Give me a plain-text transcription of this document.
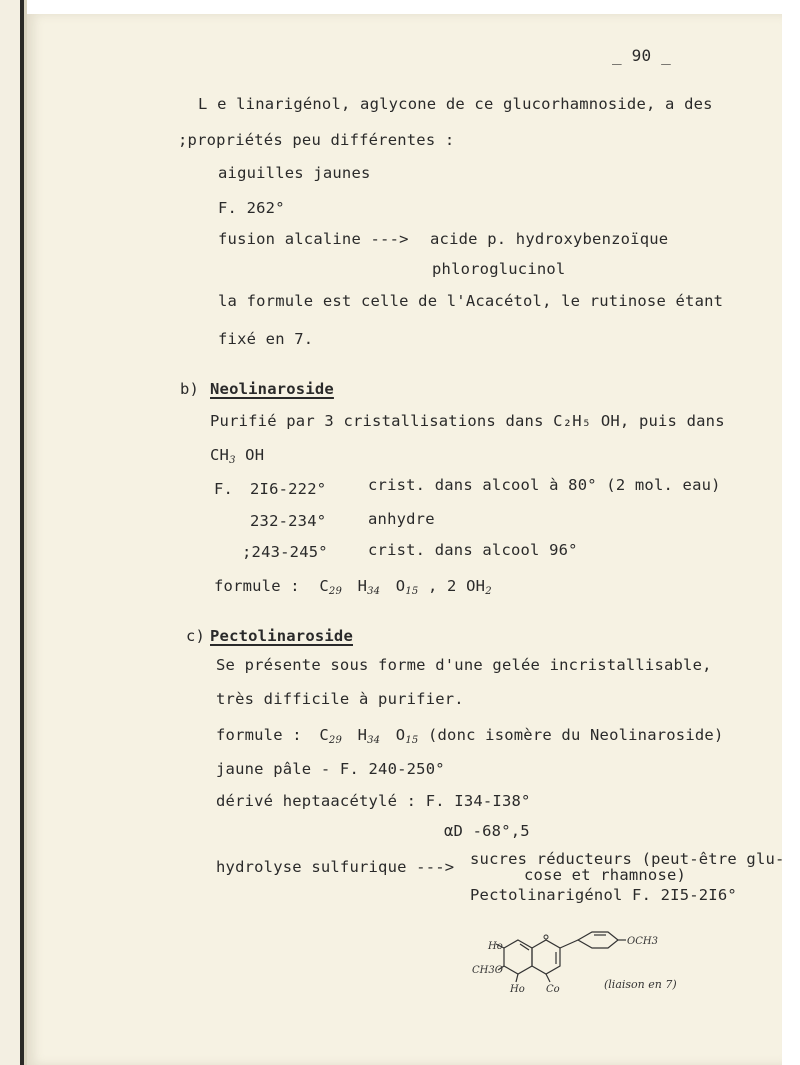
_ 90 _
L e linarigénol, aglycone de ce glucorhamnoside, a des
;propriétés peu différentes :
aiguilles jaunes
F. 262°
fusion alcaline ---> acide p. hydroxybenzoïque
phloroglucinol
la formule est celle de l'Acacétol, le rutinose étant
fixé en 7.
b) Neolinaroside
Purifié par 3 cristallisations dans C₂H₅ OH, puis dans
$CH_3$ OH
F. 2I6-222°	crist. dans alcool à 80° (2 mol. eau)
232-234°	anhydre
;243-245°	crist. dans alcool 96°
formule : $C_{29}$ $H_{34}$ $O_{15}$ , 2 $OH_2$
c) Pectolinaroside
Se présente sous forme d'une gelée incristallisable,
très difficile à purifier.
formule : $C_{29}$ $H_{34}$ $O_{15}$ (donc isomère du Neolinaroside)
jaune pâle - F. 240-250°
dérivé heptaacétylé : F. I34-I38°
αD -68°,5
hydrolyse sulfurique ---> sucres réducteurs (peut-être glu-
cose et rhamnose)
Pectolinarigénol F. 2I5-2I6°
Ho
CH3O
Ho Co
OCH3
(liaison en 7)
